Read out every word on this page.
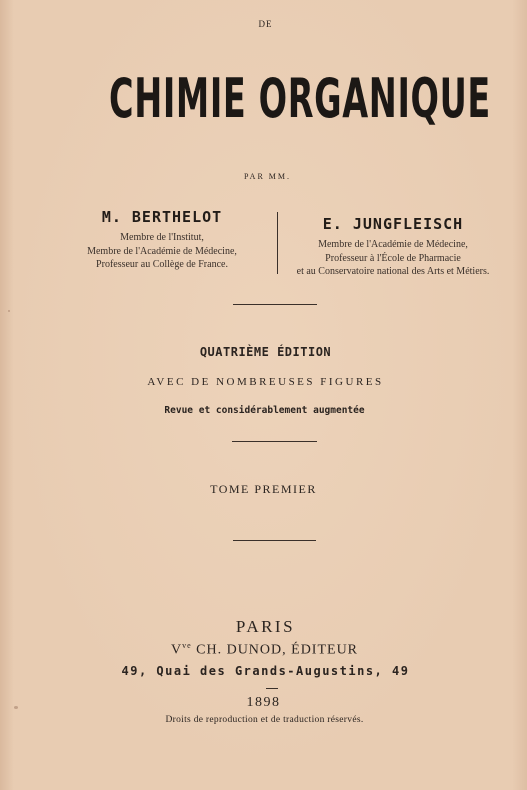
DE
CHIMIE ORGANIQUE
PAR MM.
M. BERTHELOT
Membre de l'Institut,
Membre de l'Académie de Médecine,
Professeur au Collège de France.
E. JUNGFLEISCH
Membre de l'Académie de Médecine,
Professeur à l'École de Pharmacie
et au Conservatoire national des Arts et Métiers.
QUATRIÈME ÉDITION
AVEC DE NOMBREUSES FIGURES
Revue et considérablement augmentée
TOME PREMIER
PARIS
$V^{ve}$ CH. DUNOD, ÉDITEUR
49, Quai des Grands-Augustins, 49
1898
Droits de reproduction et de traduction réservés.
